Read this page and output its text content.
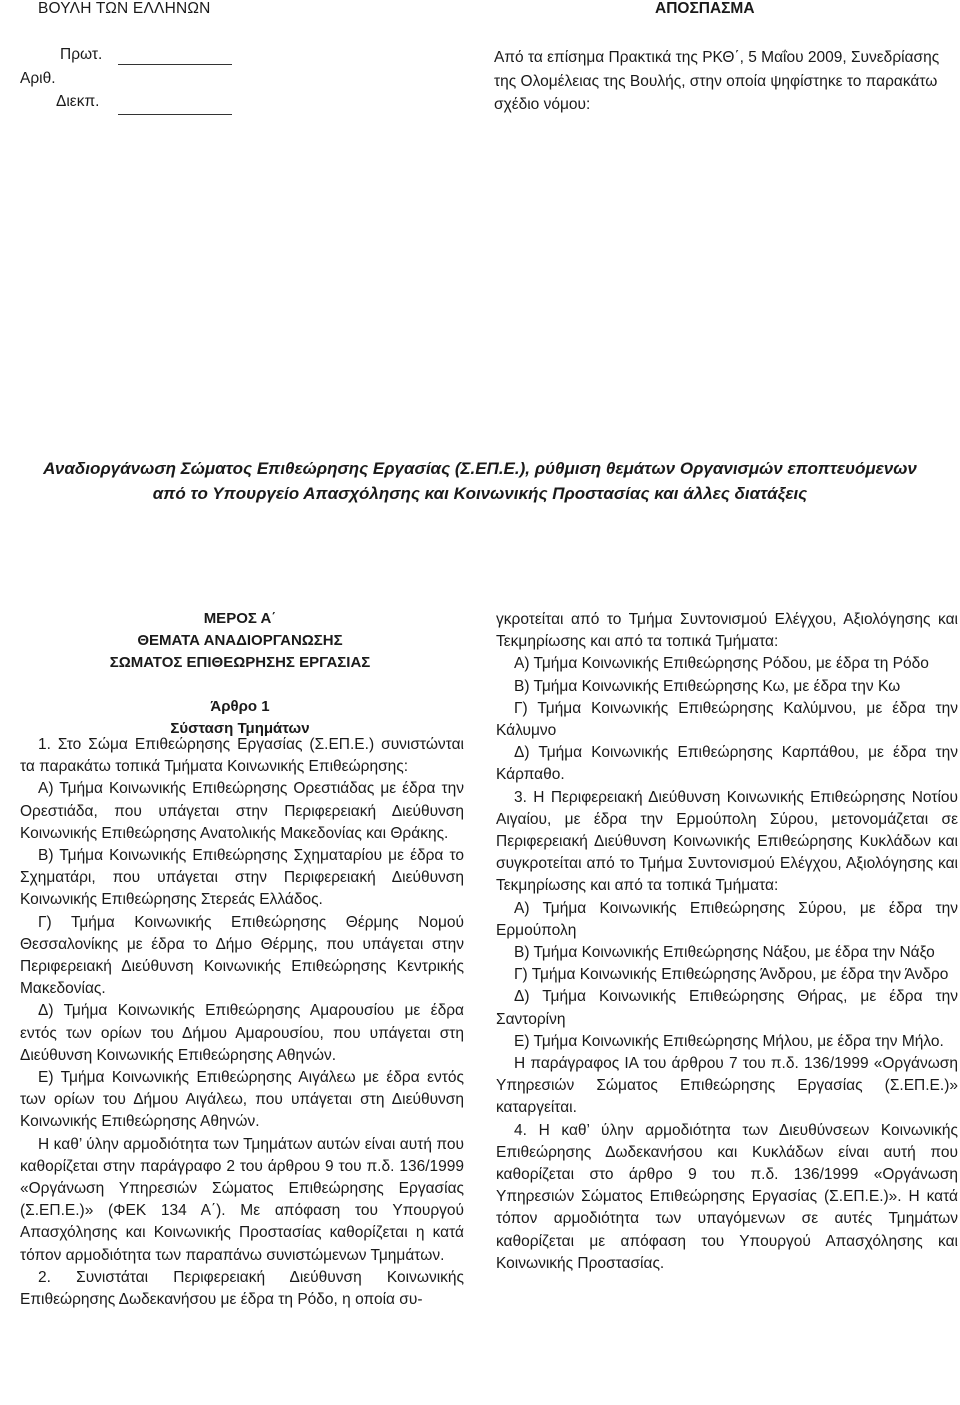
ΒΟΥΛΗ ΤΩΝ ΕΛΛΗΝΩΝ	ΑΠΟΣΠΑΣΜΑ
Πρωτ.
Αριθ.
Διεκπ.
Από τα επίσημα Πρακτικά της ΡΚΘ΄, 5 Μαΐου 2009, Συνεδρίασης της Ολομέλειας της Βουλής, στην οποία ψηφίστηκε το παρακάτω σχέδιο νόμου:
Αναδιοργάνωση Σώματος Επιθεώρησης Εργασίας (Σ.ΕΠ.Ε.), ρύθμιση θεμάτων Οργανισμών εποπτευόμενων
από το Υπουργείο Απασχόλησης και Κοινωνικής Προστασίας και άλλες διατάξεις
ΜΕΡΟΣ Α΄
ΘΕΜΑΤΑ ΑΝΑΔΙΟΡΓΑΝΩΣΗΣ
ΣΩΜΑΤΟΣ ΕΠΙΘΕΩΡΗΣΗΣ ΕΡΓΑΣΙΑΣ
Άρθρο 1
Σύσταση Τμημάτων

1. Στο Σώμα Επιθεώρησης Εργασίας (Σ.ΕΠ.Ε.) συνιστώνται τα παρακάτω τοπικά Τμήματα Κοινωνικής Επιθεώρησης:

Α) Τμήμα Κοινωνικής Επιθεώρησης Ορεστιάδας με έδρα την Ορεστιάδα, που υπάγεται στην Περιφερειακή Διεύθυνση Κοινωνικής Επιθεώρησης Ανατολικής Μακεδονίας και Θράκης.

Β) Τμήμα Κοινωνικής Επιθεώρησης Σχηματαρίου με έδρα το Σχηματάρι, που υπάγεται στην Περιφερειακή Διεύθυνση Κοινωνικής Επιθεώρησης Στερεάς Ελλάδος.

Γ) Τμήμα Κοινωνικής Επιθεώρησης Θέρμης Νομού Θεσσαλονίκης με έδρα το Δήμο Θέρμης, που υπάγεται στην Περιφερειακή Διεύθυνση Κοινωνικής Επιθεώρησης Κεντρικής Μακεδονίας.

Δ) Τμήμα Κοινωνικής Επιθεώρησης Αμαρουσίου με έδρα εντός των ορίων του Δήμου Αμαρουσίου, που υπάγεται στη Διεύθυνση Κοινωνικής Επιθεώρησης Αθηνών.

Ε) Τμήμα Κοινωνικής Επιθεώρησης Αιγάλεω με έδρα εντός των ορίων του Δήμου Αιγάλεω, που υπάγεται στη Διεύθυνση Κοινωνικής Επιθεώρησης Αθηνών.

Η καθ’ ύλην αρμοδιότητα των Τμημάτων αυτών είναι αυτή που καθορίζεται στην παράγραφο 2 του άρθρου 9 του π.δ. 136/1999 «Οργάνωση Υπηρεσιών Σώματος Επιθεώρησης Εργασίας (Σ.ΕΠ.Ε.)» (ΦΕΚ 134 Α΄). Με απόφαση του Υπουργού Απασχόλησης και Κοινωνικής Προστασίας καθορίζεται η κατά τόπον αρμοδιότητα των παραπάνω συνιστώμενων Τμημάτων.

2. Συνιστάται Περιφερειακή Διεύθυνση Κοινωνικής Επιθεώρησης Δωδεκανήσου με έδρα τη Ρόδο, η οποία συ-

γκροτείται από το Τμήμα Συντονισμού Ελέγχου, Αξιολόγησης και Τεκμηρίωσης και από τα τοπικά Τμήματα:

Α) Τμήμα Κοινωνικής Επιθεώρησης Ρόδου, με έδρα τη Ρόδο

Β) Τμήμα Κοινωνικής Επιθεώρησης Κω, με έδρα την Κω

Γ) Τμήμα Κοινωνικής Επιθεώρησης Καλύμνου, με έδρα την Κάλυμνο

Δ) Τμήμα Κοινωνικής Επιθεώρησης Καρπάθου, με έδρα την Κάρπαθο.

3. Η Περιφερειακή Διεύθυνση Κοινωνικής Επιθεώρησης Νοτίου Αιγαίου, με έδρα την Ερμούπολη Σύρου, μετονομάζεται σε Περιφερειακή Διεύθυνση Κοινωνικής Επιθεώρησης Κυκλάδων και συγκροτείται από το Τμήμα Συντονισμού Ελέγχου, Αξιολόγησης και Τεκμηρίωσης και από τα τοπικά Τμήματα:

Α) Τμήμα Κοινωνικής Επιθεώρησης Σύρου, με έδρα την Ερμούπολη

Β) Τμήμα Κοινωνικής Επιθεώρησης Νάξου, με έδρα την Νάξο

Γ) Τμήμα Κοινωνικής Επιθεώρησης Άνδρου, με έδρα την Άνδρο

Δ) Τμήμα Κοινωνικής Επιθεώρησης Θήρας, με έδρα την Σαντορίνη

Ε) Τμήμα Κοινωνικής Επιθεώρησης Μήλου, με έδρα την Μήλο.

Η παράγραφος ΙΑ του άρθρου 7 του π.δ. 136/1999 «Οργάνωση Υπηρεσιών Σώματος Επιθεώρησης Εργασίας (Σ.ΕΠ.Ε.)» καταργείται.

4. Η καθ’ ύλην αρμοδιότητα των Διευθύνσεων Κοινωνικής Επιθεώρησης Δωδεκανήσου και Κυκλάδων είναι αυτή που καθορίζεται στο άρθρο 9 του π.δ. 136/1999 «Οργάνωση Υπηρεσιών Σώματος Επιθεώρησης Εργασίας (Σ.ΕΠ.Ε.)». Η κατά τόπον αρμοδιότητα των υπαγόμενων σε αυτές Τμημάτων καθορίζεται με απόφαση του Υπουργού Απασχόλησης και Κοινωνικής Προστασίας.
